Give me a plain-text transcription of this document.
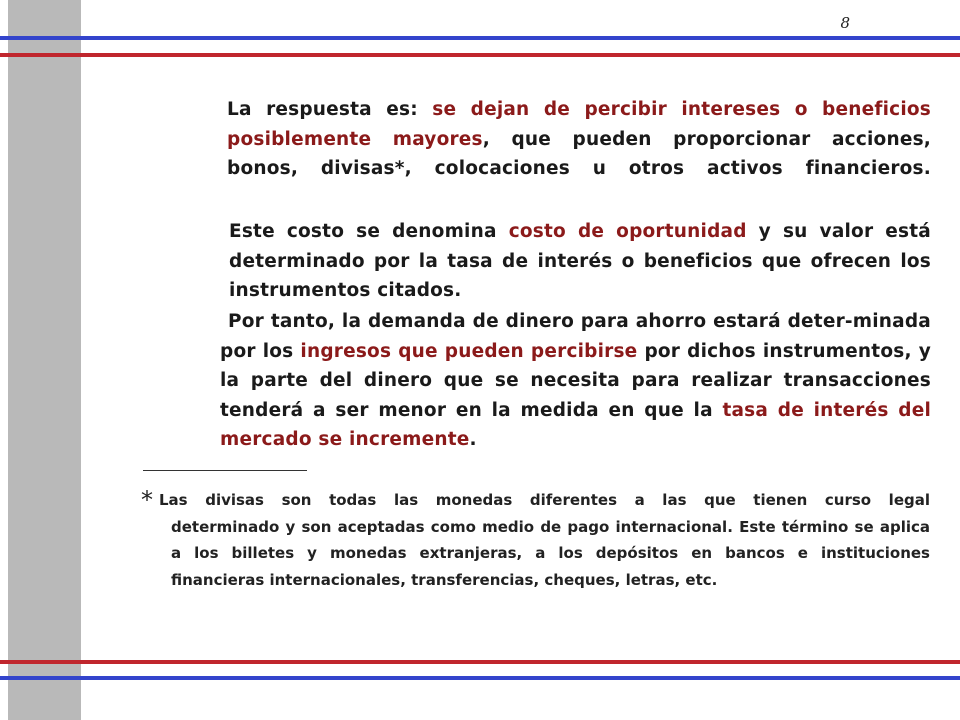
8
La respuesta es: se dejan de percibir intereses o beneficios posiblemente mayores, que pueden proporcionar acciones, bonos, divisas*, colocaciones u otros activos financieros.
Este costo se denomina costo de oportunidad y su valor está determinado por la tasa de interés o beneficios que ofrecen los instrumentos citados.
Por tanto, la demanda de dinero para ahorro estará deter-minada por los ingresos que pueden percibirse por dichos instrumentos, y la parte del dinero que se necesita para realizar transacciones tenderá a ser menor en la medida en que la tasa de interés del mercado se incremente.
* Las divisas son todas las monedas diferentes a las que tienen curso legal
determinado y son aceptadas como medio de pago internacional. Este término se aplica a los billetes y monedas extranjeras, a los depósitos en bancos e instituciones financieras internacionales, transferencias, cheques, letras, etc.
